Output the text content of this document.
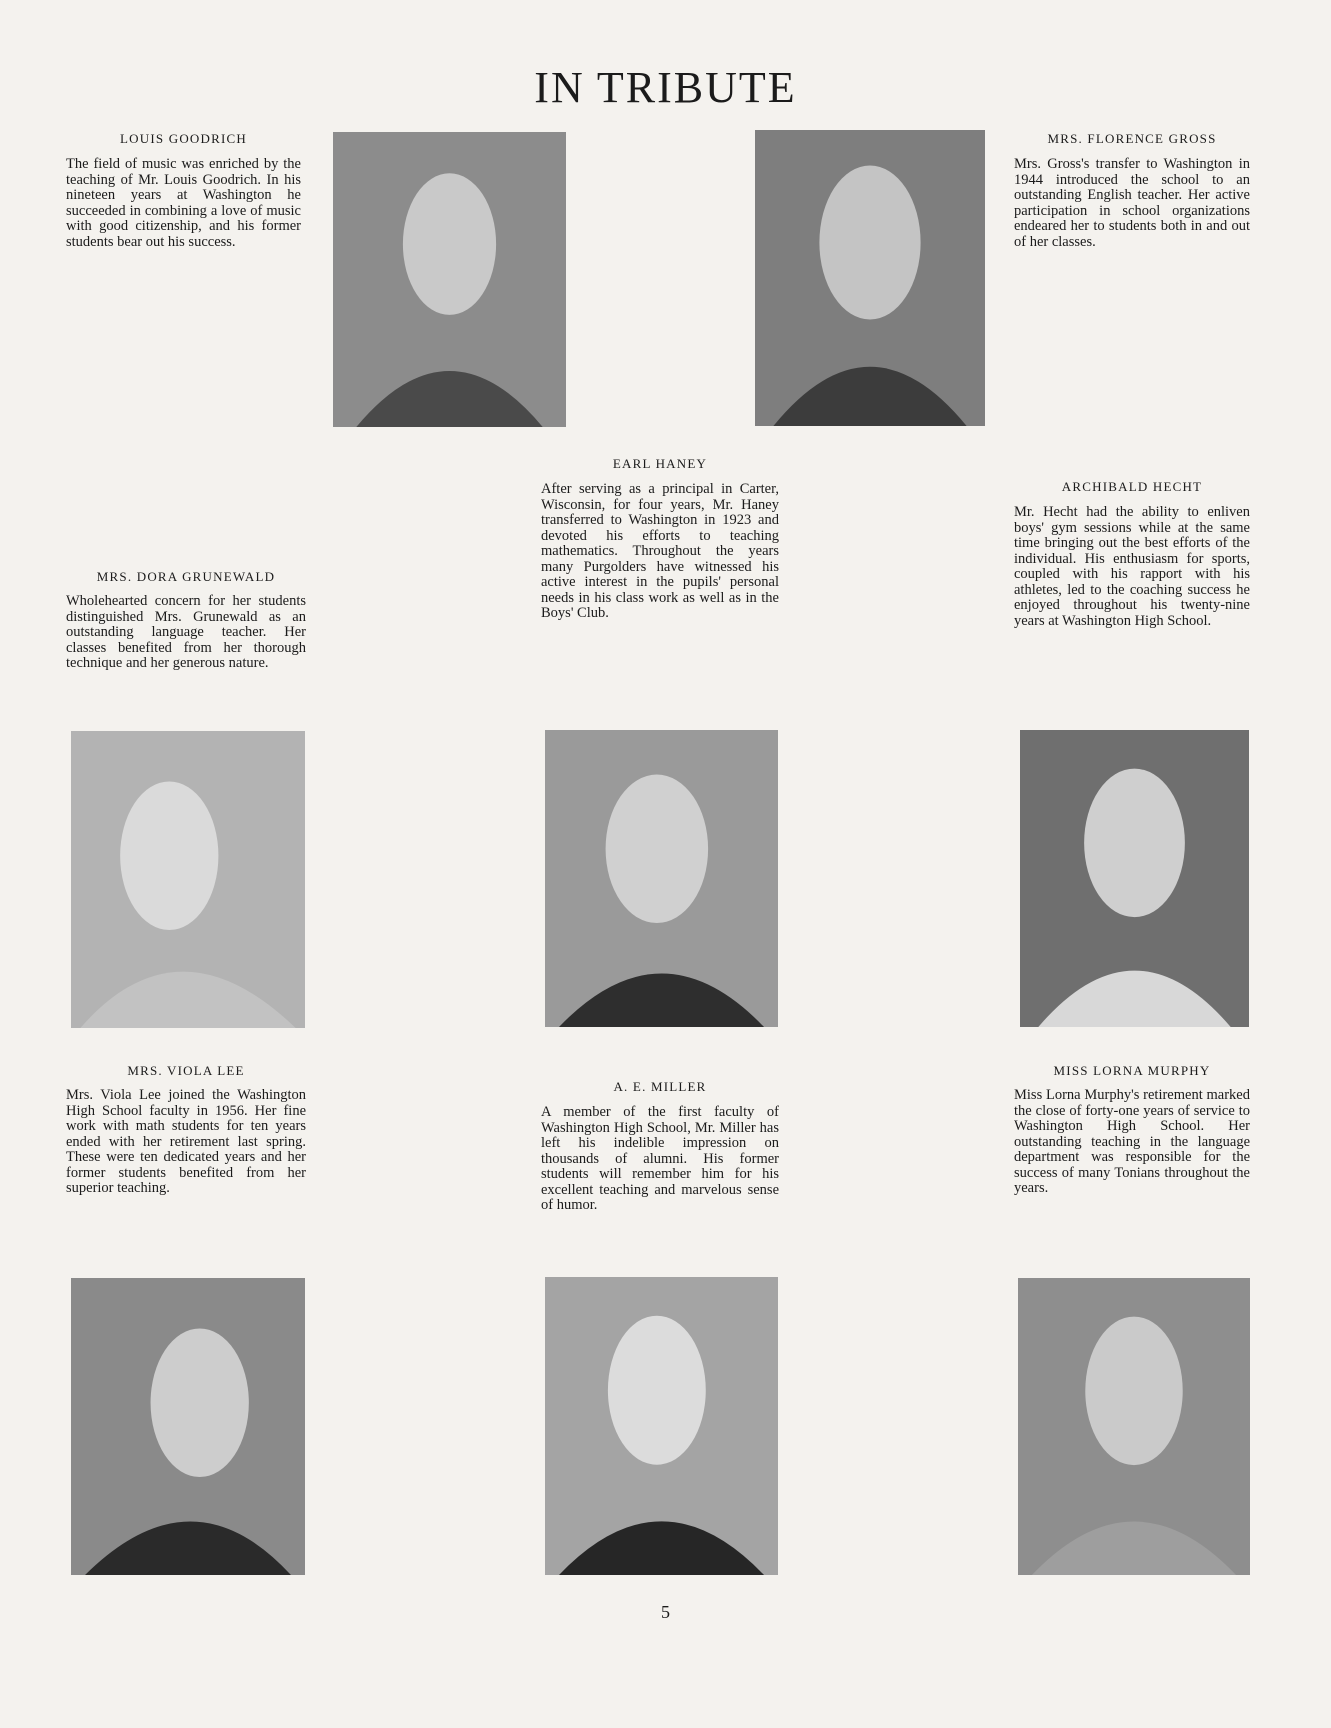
IN TRIBUTE
LOUIS GOODRICH

The field of music was enriched by the teaching of Mr. Louis Goodrich. In his nineteen years at Washington he succeeded in combining a love of music with good citizenship, and his former students bear out his success.

MRS. FLORENCE GROSS

Mrs. Gross's transfer to Washington in 1944 introduced the school to an outstanding English teacher. Her active participation in school organizations endeared her to students both in and out of her classes.

EARL HANEY

After serving as a principal in Carter, Wisconsin, for four years, Mr. Haney transferred to Washington in 1923 and devoted his efforts to teaching mathematics. Throughout the years many Purgolders have witnessed his active interest in the pupils' personal needs in his class work as well as in the Boys' Club.

ARCHIBALD HECHT

Mr. Hecht had the ability to enliven boys' gym sessions while at the same time bringing out the best efforts of the individual. His enthusiasm for sports, coupled with his rapport with his athletes, led to the coaching success he enjoyed throughout his twenty-nine years at Washington High School.

MRS. DORA GRUNEWALD

Wholehearted concern for her students distinguished Mrs. Grunewald as an outstanding language teacher. Her classes benefited from her thorough technique and her generous nature.

MRS. VIOLA LEE

Mrs. Viola Lee joined the Washington High School faculty in 1956. Her fine work with math students for ten years ended with her retirement last spring. These were ten dedicated years and her former students benefited from her superior teaching.

A. E. MILLER

A member of the first faculty of Washington High School, Mr. Miller has left his indelible impression on thousands of alumni. His former students will remember him for his excellent teaching and marvelous sense of humor.

MISS LORNA MURPHY

Miss Lorna Murphy's retirement marked the close of forty-one years of service to Washington High School. Her outstanding teaching in the language department was responsible for the success of many Tonians throughout the years.

5
